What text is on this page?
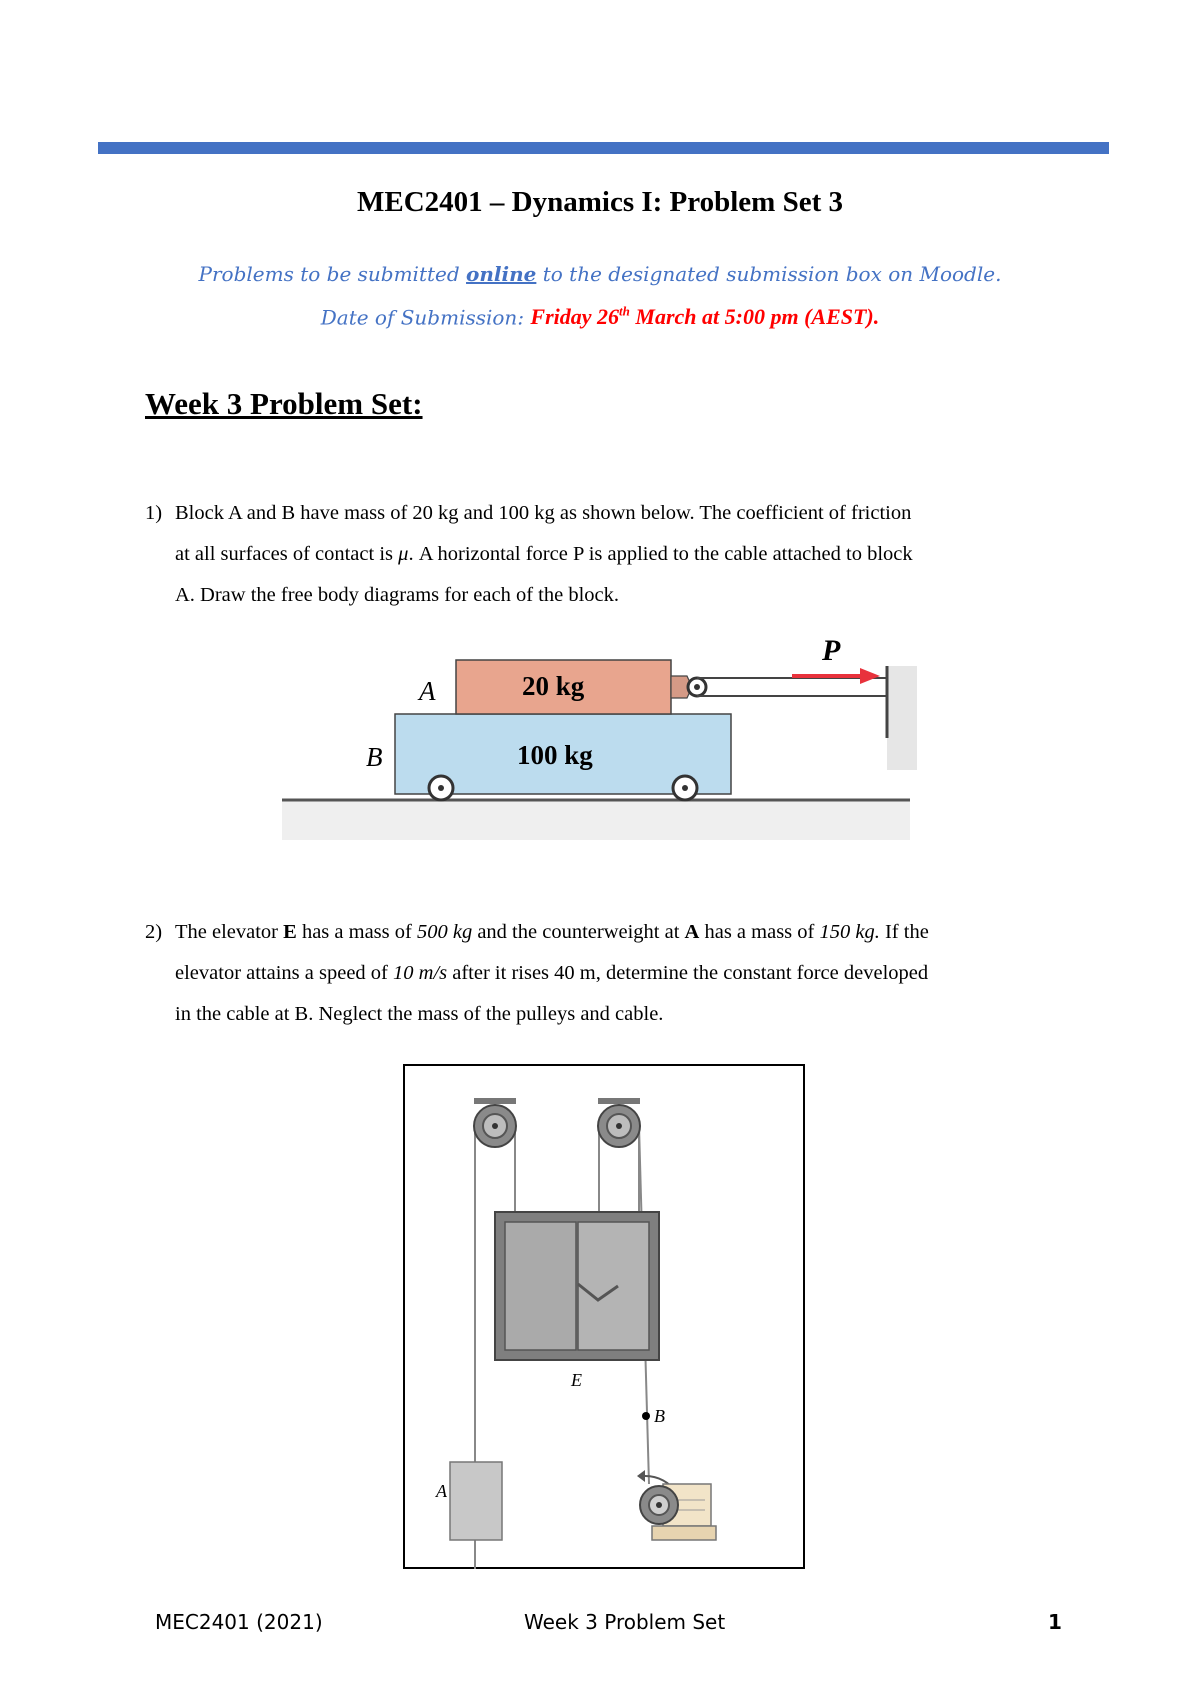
MEC2401 – Dynamics I: Problem Set 3
Problems to be submitted online to the designated submission box on Moodle.
Date of Submission: Friday 26th March at 5:00 pm (AEST).
Week 3 Problem Set:
1) Block A and B have mass of 20 kg and 100 kg as shown below. The coefficient of friction
at all surfaces of contact is μ. A horizontal force P is applied to the cable attached to block
A. Draw the free body diagrams for each of the block.
P
A
B
20 kg
100 kg
2) The elevator E has a mass of 500 kg and the counterweight at A has a mass of 150 kg. If the
elevator attains a speed of 10 m/s after it rises 40 m, determine the constant force developed
in the cable at B. Neglect the mass of the pulleys and cable.
E
B
A
MEC2401 (2021)	Week 3 Problem Set	1
